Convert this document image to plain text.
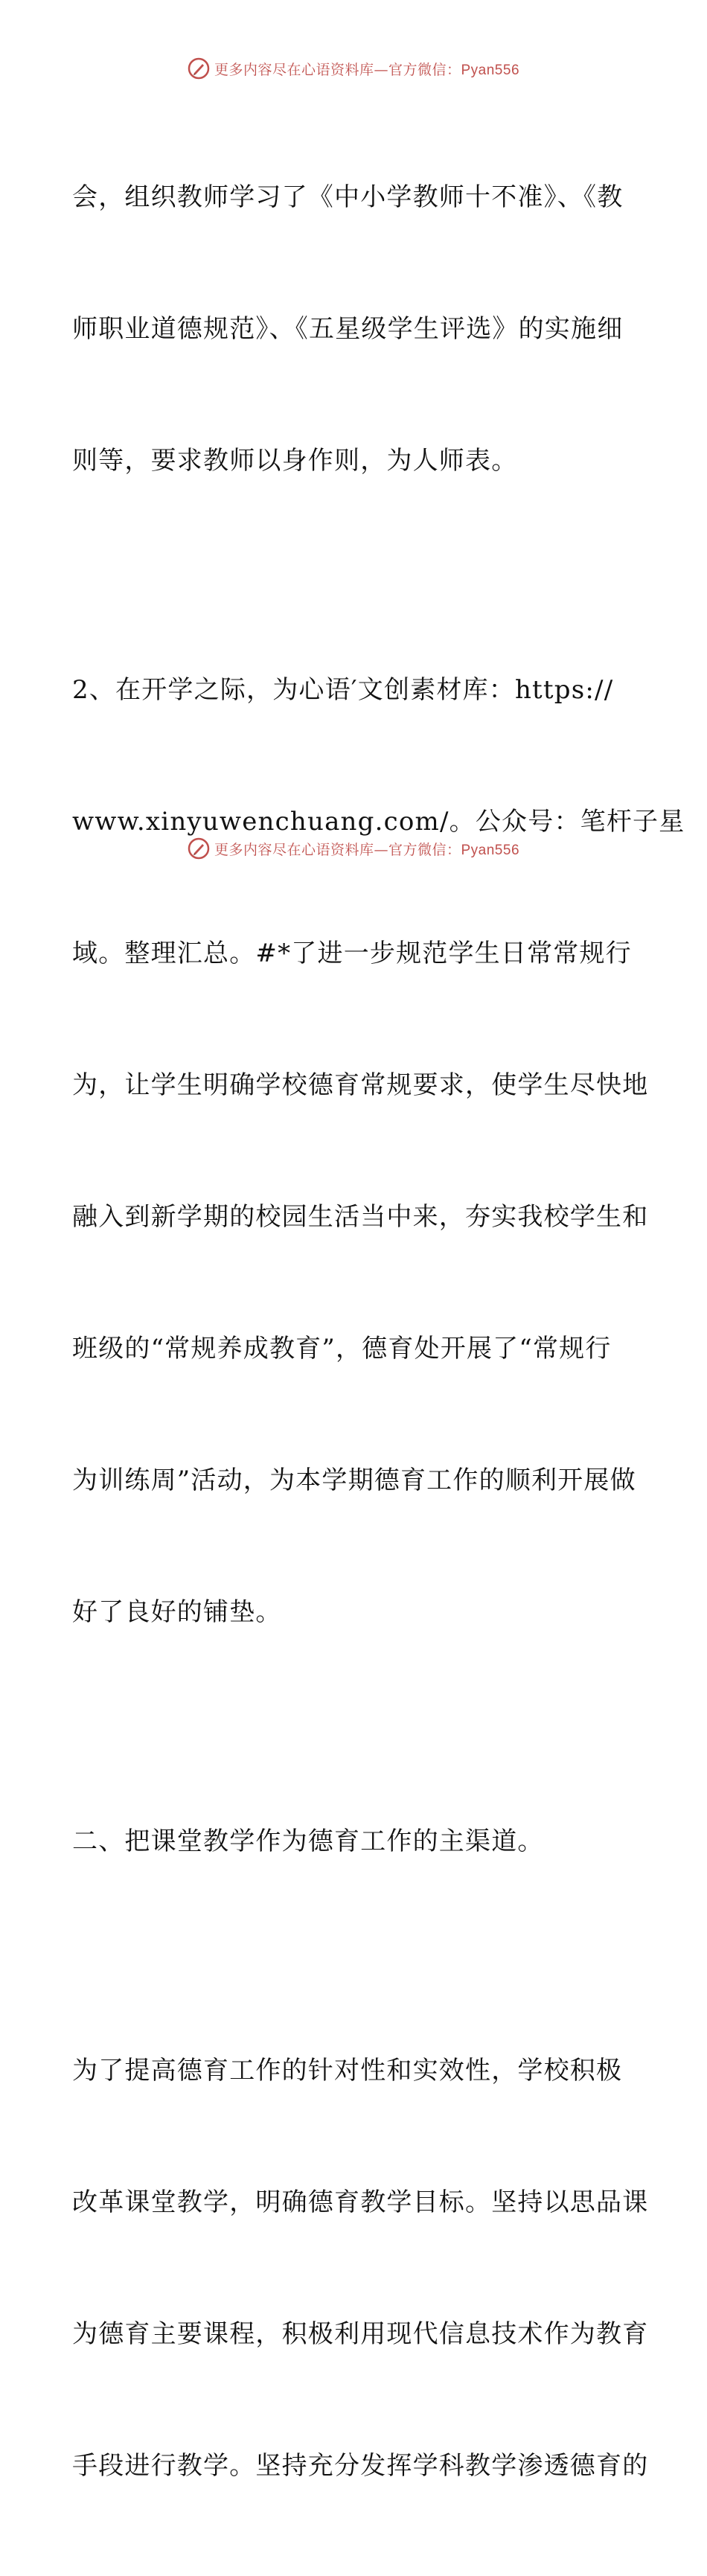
更多内容尽在心语资料库—官方微信：Pyan556

会，组织教师学习了《中小学教师十不准》、《教

师职业道德规范》、《五星级学生评选》的实施细

则等，要求教师以身作则，为人师表。

2、在开学之际，为心语′文创素材库：https://

www.xinyuwenchuang.com/。公众号：笔杆子星

域。整理汇总。#*了进一步规范学生日常常规行

为，让学生明确学校德育常规要求，使学生尽快地

融入到新学期的校园生活当中来，夯实我校学生和

班级的“常规养成教育”，德育处开展了“常规行

为训练周”活动，为本学期德育工作的顺利开展做

好了良好的铺垫。

二、把课堂教学作为德育工作的主渠道。

为了提高德育工作的针对性和实效性，学校积极

改革课堂教学，明确德育教学目标。坚持以思品课

为德育主要课程，积极利用现代信息技术作为教育

手段进行教学。坚持充分发挥学科教学渗透德育的

更多内容尽在心语资料库—官方微信：Pyan556
